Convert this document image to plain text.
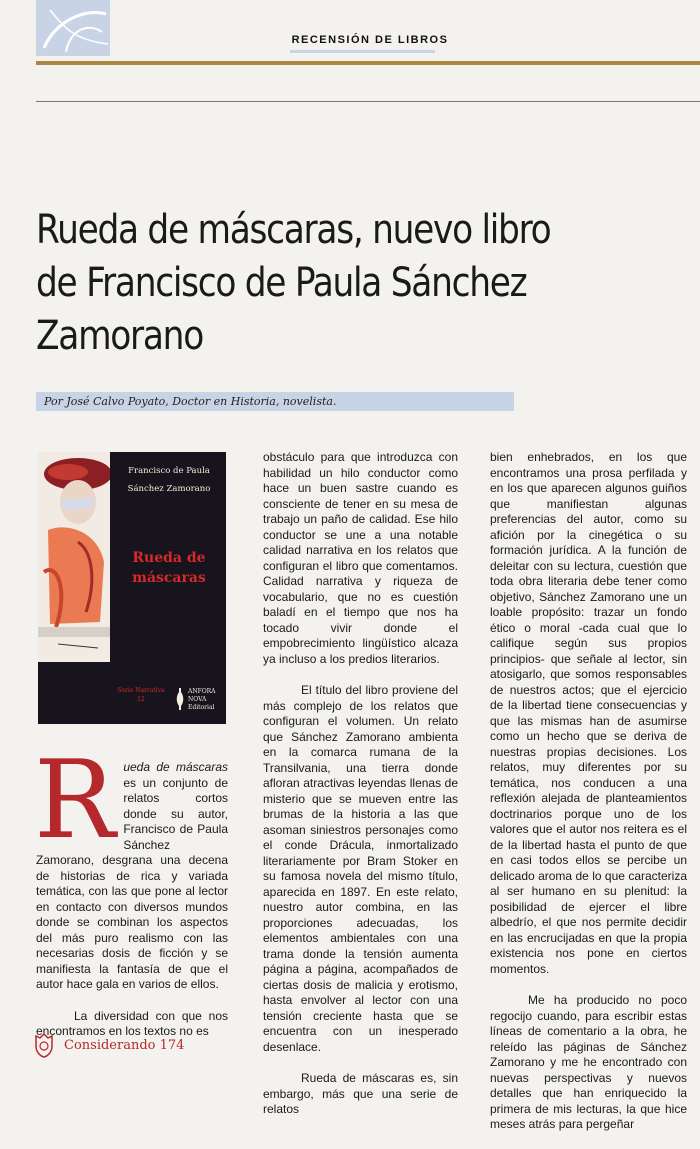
RECENSIÓN DE LIBROS
Rueda de máscaras, nuevo libro de Francisco de Paula Sánchez Zamorano
Por José Calvo Poyato, Doctor en Historia, novelista.
Francisco de Paula Sánchez Zamorano
Rueda de máscaras
Serie Narrativa 12
ANFORA NOVA Editorial

Rueda de máscaras es un conjunto de relatos cortos donde su autor, Francisco de Paula Sánchez Zamorano, desgrana una decena de historias de rica y variada temática, con las que pone al lector en contacto con diversos mundos donde se combinan los aspectos del más puro realismo con las necesarias dosis de ficción y se manifiesta la fantasía de que el autor hace gala en varios de ellos.

La diversidad con que nos encontramos en los textos no es

obstáculo para que introduzca con habilidad un hilo conductor como hace un buen sastre cuando es consciente de tener en su mesa de trabajo un paño de calidad. Ese hilo conductor se une a una notable calidad narrativa en los relatos que configuran el libro que comentamos. Calidad narrativa y riqueza de vocabulario, que no es cuestión baladí en el tiempo que nos ha tocado vivir donde el empobrecimiento lingüístico alcaza ya incluso a los predios literarios.

El título del libro proviene del más complejo de los relatos que configuran el volumen. Un relato que Sánchez Zamorano ambienta en la comarca rumana de la Transilvania, una tierra donde afloran atractivas leyendas llenas de misterio que se mueven entre las brumas de la historia a las que asoman siniestros personajes como el conde Drácula, inmortalizado literariamente por Bram Stoker en su famosa novela del mismo título, aparecida en 1897. En este relato, nuestro autor combina, en las proporciones adecuadas, los elementos ambientales con una trama donde la tensión aumenta página a página, acompañados de ciertas dosis de malicia y erotismo, hasta envolver al lector con una tensión creciente hasta que se encuentra con un inesperado desenlace.

Rueda de máscaras es, sin embargo, más que una serie de relatos

bien enhebrados, en los que encontramos una prosa perfilada y en los que aparecen algunos guiños que manifiestan algunas preferencias del autor, como su afición por la cinegética o su formación jurídica. A la función de deleitar con su lectura, cuestión que toda obra literaria debe tener como objetivo, Sánchez Zamorano une un loable propósito: trazar un fondo ético o moral -cada cual que lo califique según sus propios principios- que señale al lector, sin atosigarlo, que somos responsables de nuestros actos; que el ejercicio de la libertad tiene consecuencias y que las mismas han de asumirse como un hecho que se deriva de nuestras propias decisiones. Los relatos, muy diferentes por su temática, nos conducen a una reflexión alejada de planteamientos doctrinarios porque uno de los valores que el autor nos reitera es el de la libertad hasta el punto de que en casi todos ellos se percibe un delicado aroma de lo que caracteriza al ser humano en su plenitud: la posibilidad de ejercer el libre albedrío, el que nos permite decidir en las encrucijadas en que la propia existencia nos pone en ciertos momentos.

Me ha producido no poco regocijo cuando, para escribir estas líneas de comentario a la obra, he releído las páginas de Sánchez Zamorano y me he encontrado con nuevas perspectivas y nuevos detalles que han enriquecido la primera de mis lecturas, la que hice meses atrás para pergeñar

Considerando 174
